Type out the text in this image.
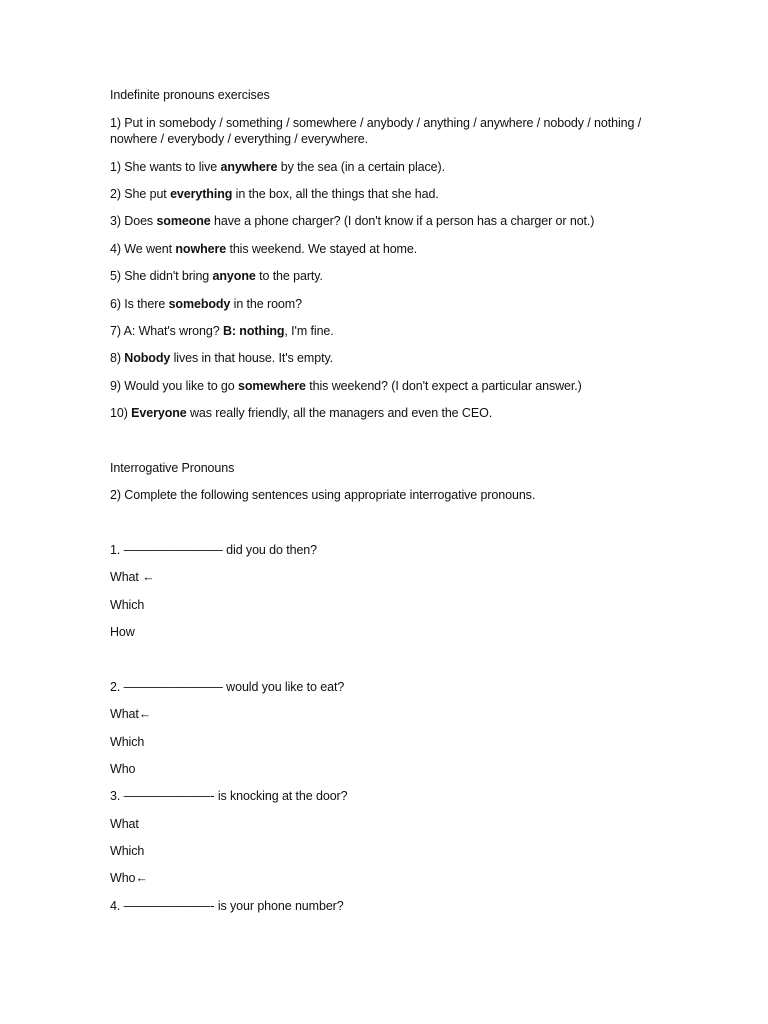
Indefinite pronouns exercises
1) Put in somebody / something / somewhere / anybody / anything / anywhere / nobody / nothing / nowhere / everybody / everything / everywhere.
1) She wants to live anywhere by the sea (in a certain place).
2) She put everything in the box, all the things that she had.
3) Does someone have a phone charger? (I don't know if a person has a charger or not.)
4) We went nowhere this weekend. We stayed at home.
5) She didn't bring anyone to the party.
6) Is there somebody in the room?
7) A: What's wrong? B: nothing, I'm fine.
8) Nobody lives in that house. It's empty.
9) Would you like to go somewhere this weekend? (I don't expect a particular answer.)
10) Everyone was really friendly, all the managers and even the CEO.
Interrogative Pronouns
2) Complete the following sentences using appropriate interrogative pronouns.
1. ———————— did you do then?
What ←
Which
How
2. ———————— would you like to eat?
What←
Which
Who
3. ———————- is knocking at the door?
What
Which
Who←
4. ———————- is your phone number?
